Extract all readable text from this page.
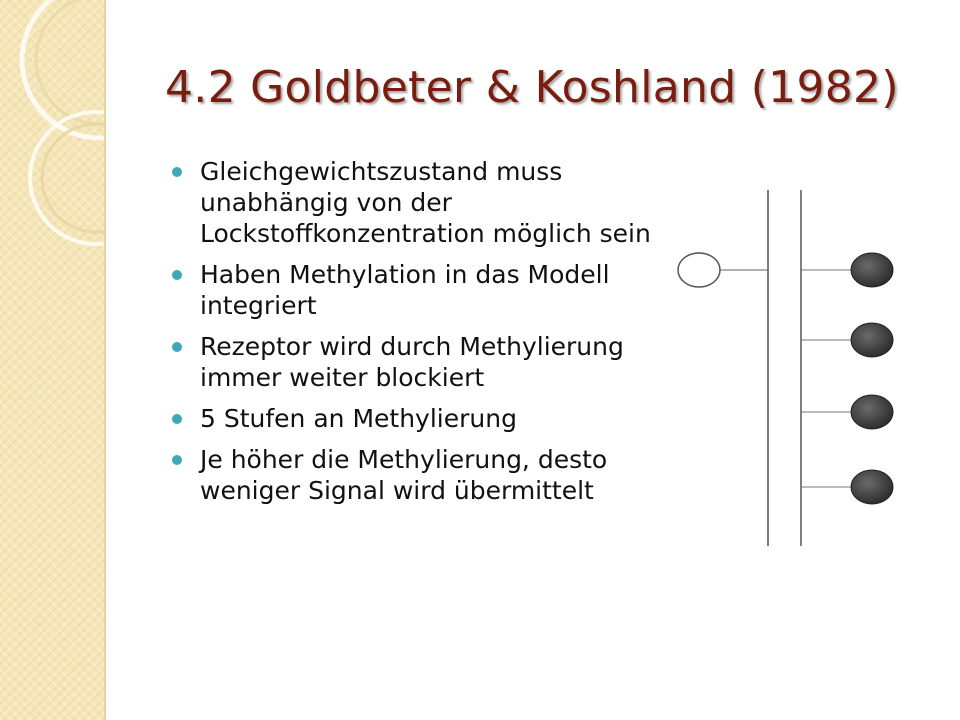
4.2 Goldbeter & Koshland (1982)
Gleichgewichtszustand muss unabhängig von der Lockstoffkonzentration möglich sein
Haben Methylation in das Modell integriert
Rezeptor wird durch Methylierung immer weiter blockiert
5 Stufen an Methylierung
Je höher die Methylierung, desto weniger Signal wird übermittelt
